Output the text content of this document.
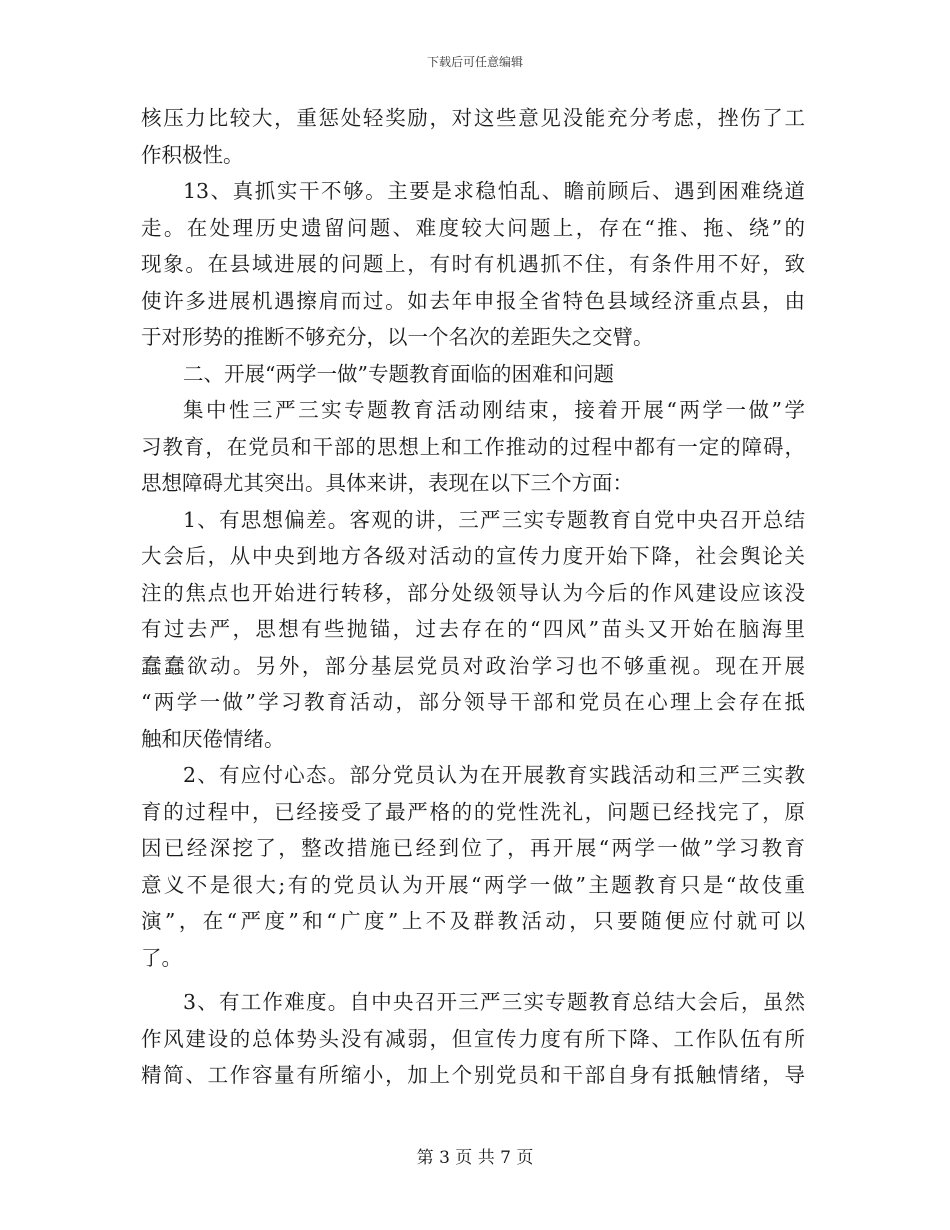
下载后可任意编辑
核压力比较大，重惩处轻奖励，对这些意见没能充分考虑，挫伤了工
作积极性。
13、真抓实干不够。主要是求稳怕乱、瞻前顾后、遇到困难绕道
走。在处理历史遗留问题、难度较大问题上，存在“推、拖、绕”的
现象。在县域进展的问题上，有时有机遇抓不住，有条件用不好，致
使许多进展机遇擦肩而过。如去年申报全省特色县域经济重点县，由
于对形势的推断不够充分，以一个名次的差距失之交臂。
二、开展“两学一做”专题教育面临的困难和问题
集中性三严三实专题教育活动刚结束，接着开展“两学一做”学
习教育，在党员和干部的思想上和工作推动的过程中都有一定的障碍，
思想障碍尤其突出。具体来讲，表现在以下三个方面：
1、有思想偏差。客观的讲，三严三实专题教育自党中央召开总结
大会后，从中央到地方各级对活动的宣传力度开始下降，社会舆论关
注的焦点也开始进行转移，部分处级领导认为今后的作风建设应该没
有过去严，思想有些抛锚，过去存在的“四风”苗头又开始在脑海里
蠢蠢欲动。另外，部分基层党员对政治学习也不够重视。现在开展
“两学一做”学习教育活动，部分领导干部和党员在心理上会存在抵
触和厌倦情绪。
2、有应付心态。部分党员认为在开展教育实践活动和三严三实教
育的过程中，已经接受了最严格的的党性洗礼，问题已经找完了，原
因已经深挖了，整改措施已经到位了，再开展“两学一做”学习教育
意义不是很大;有的党员认为开展“两学一做”主题教育只是“故伎重
演”，在“严度”和“广度”上不及群教活动，只要随便应付就可以
了。
3、有工作难度。自中央召开三严三实专题教育总结大会后，虽然
作风建设的总体势头没有减弱，但宣传力度有所下降、工作队伍有所
精简、工作容量有所缩小，加上个别党员和干部自身有抵触情绪，导
第 3 页 共 7 页
